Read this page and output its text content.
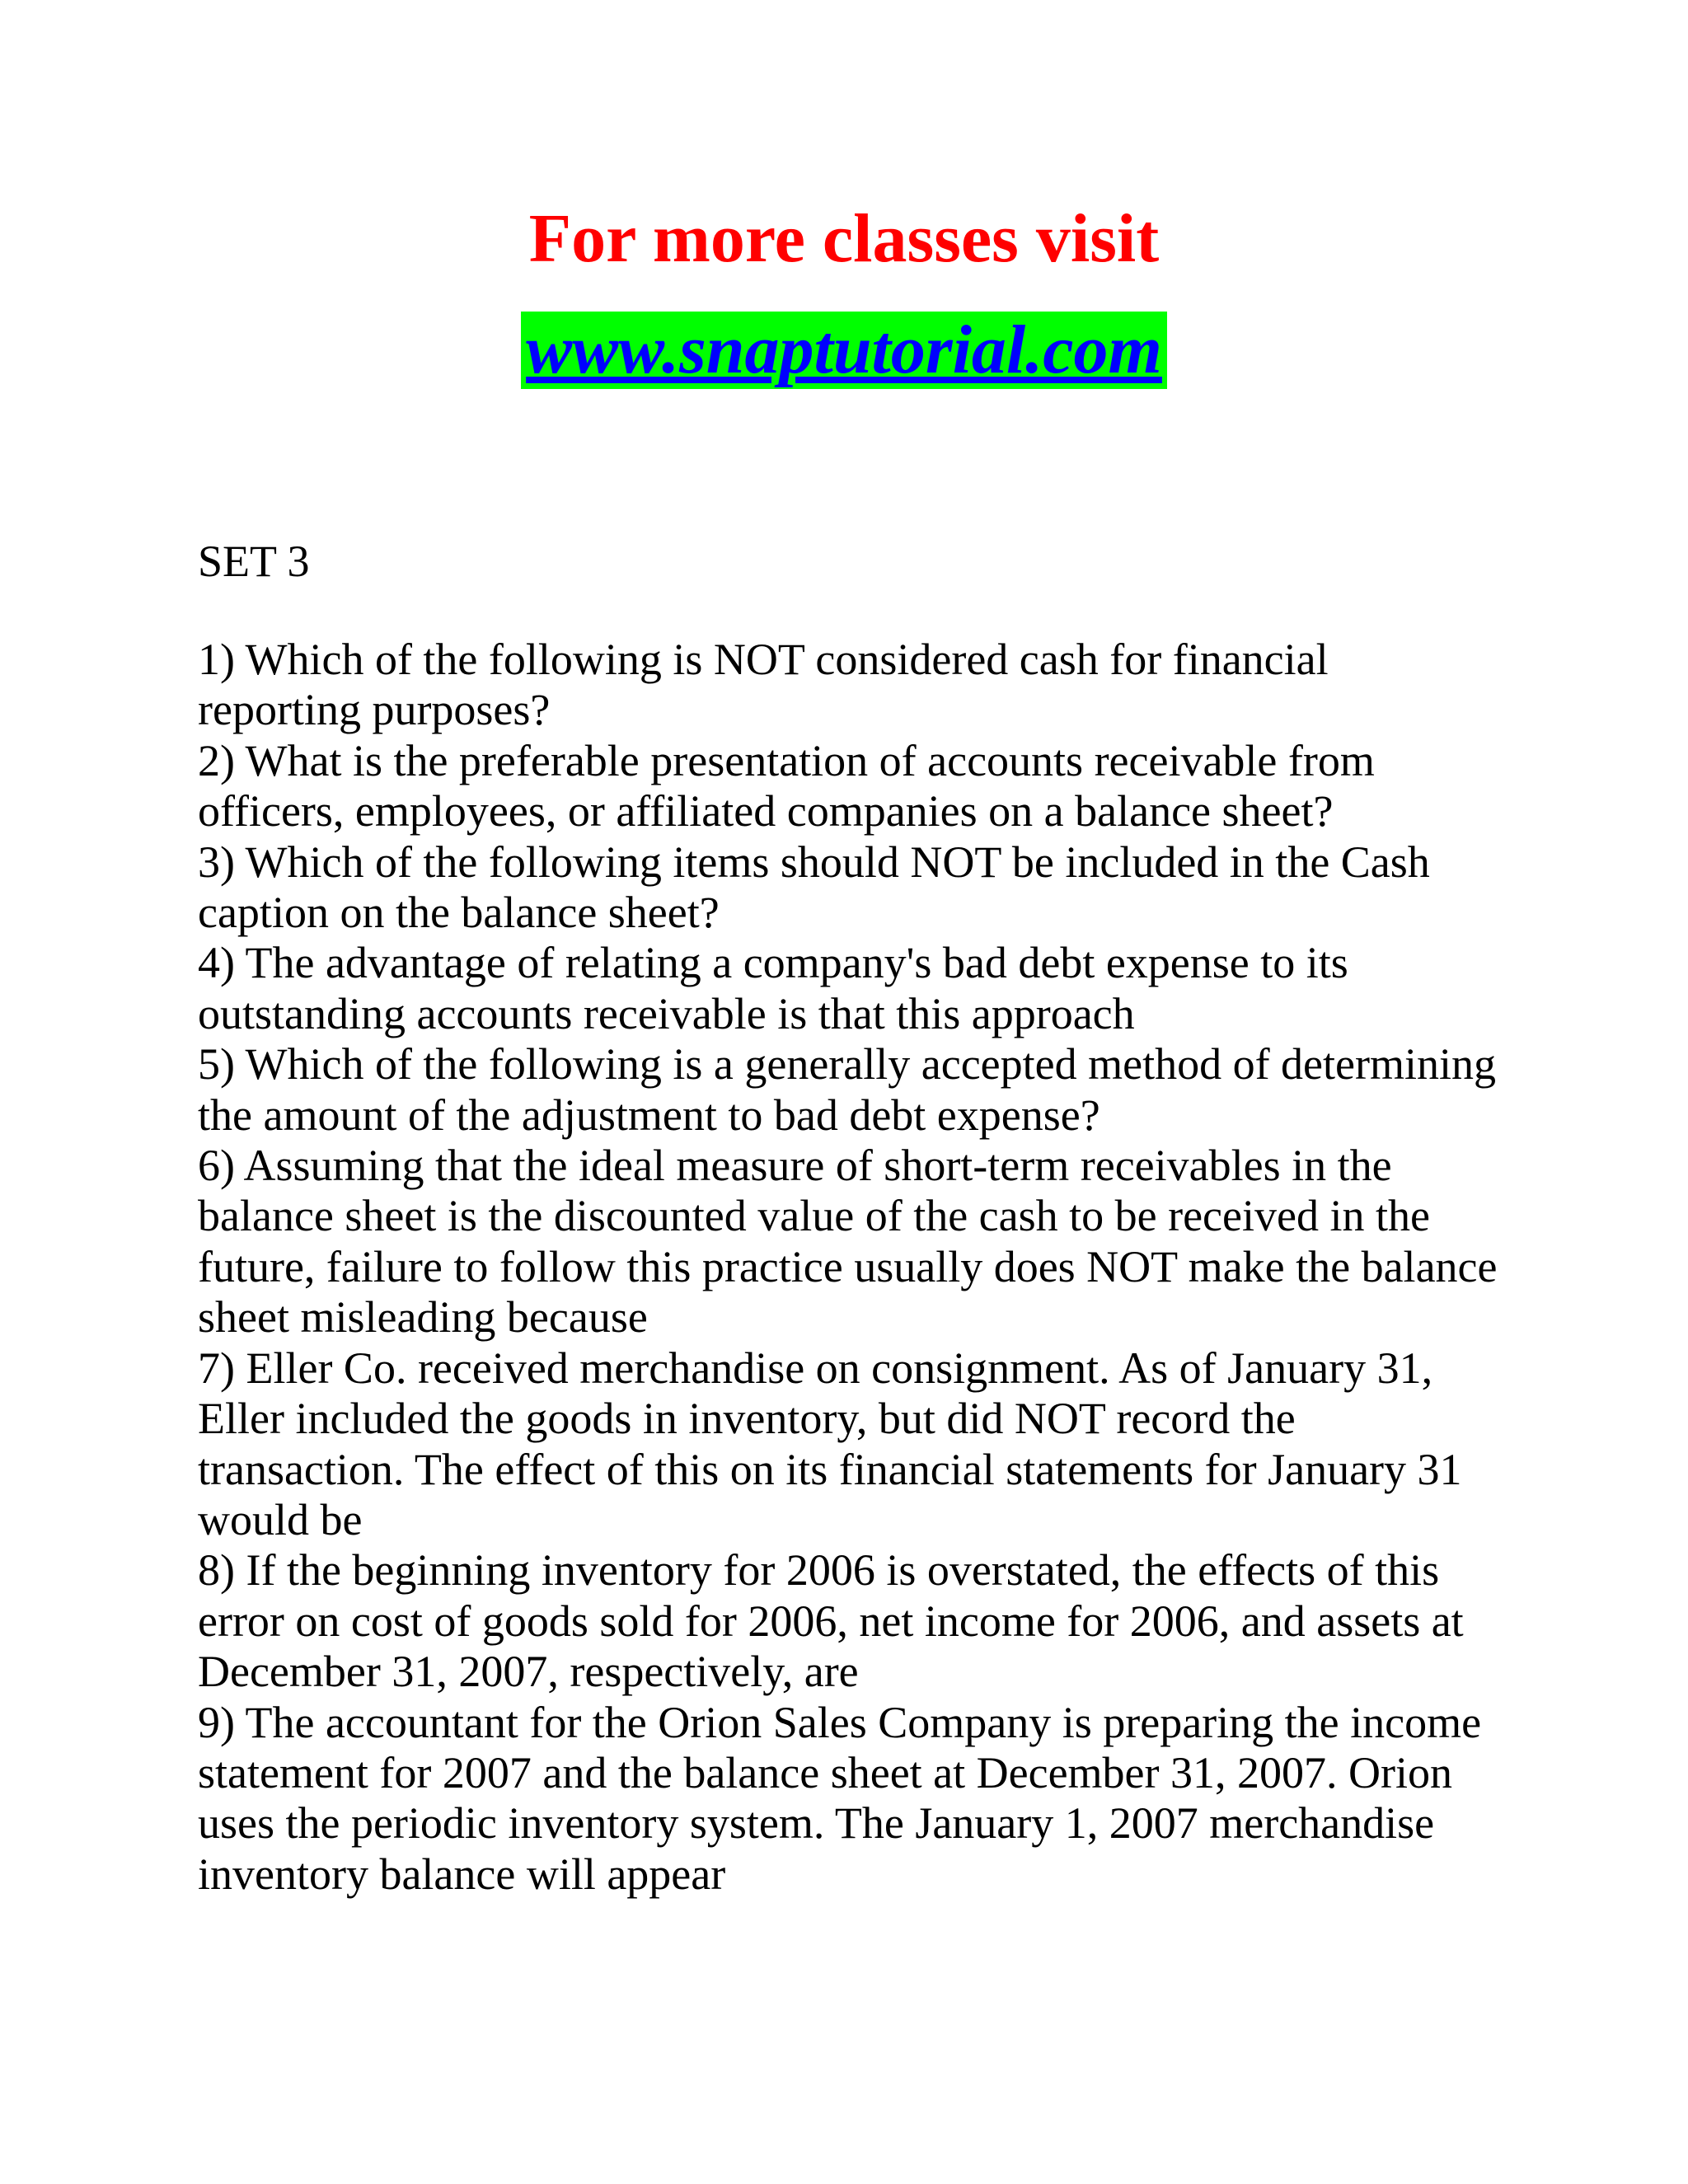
For more classes visit
www.snaptutorial.com

SET 3

1) Which of the following is NOT considered cash for financial reporting purposes?

2) What is the preferable presentation of accounts receivable from officers, employees, or affiliated companies on a balance sheet?

3) Which of the following items should NOT be included in the Cash caption on the balance sheet?

4) The advantage of relating a company's bad debt expense to its outstanding accounts receivable is that this approach

5) Which of the following is a generally accepted method of determining the amount of the adjustment to bad debt expense?

6) Assuming that the ideal measure of short-term receivables in the balance sheet is the discounted value of the cash to be received in the future, failure to follow this practice usually does NOT make the balance sheet misleading because

7) Eller Co. received merchandise on consignment. As of January 31, Eller included the goods in inventory, but did NOT record the transaction. The effect of this on its financial statements for January 31 would be

8) If the beginning inventory for 2006 is overstated, the effects of this error on cost of goods sold for 2006, net income for 2006, and assets at December 31, 2007, respectively, are

9) The accountant for the Orion Sales Company is preparing the income statement for 2007 and the balance sheet at December 31, 2007. Orion uses the periodic inventory system. The January 1, 2007 merchandise inventory balance will appear
